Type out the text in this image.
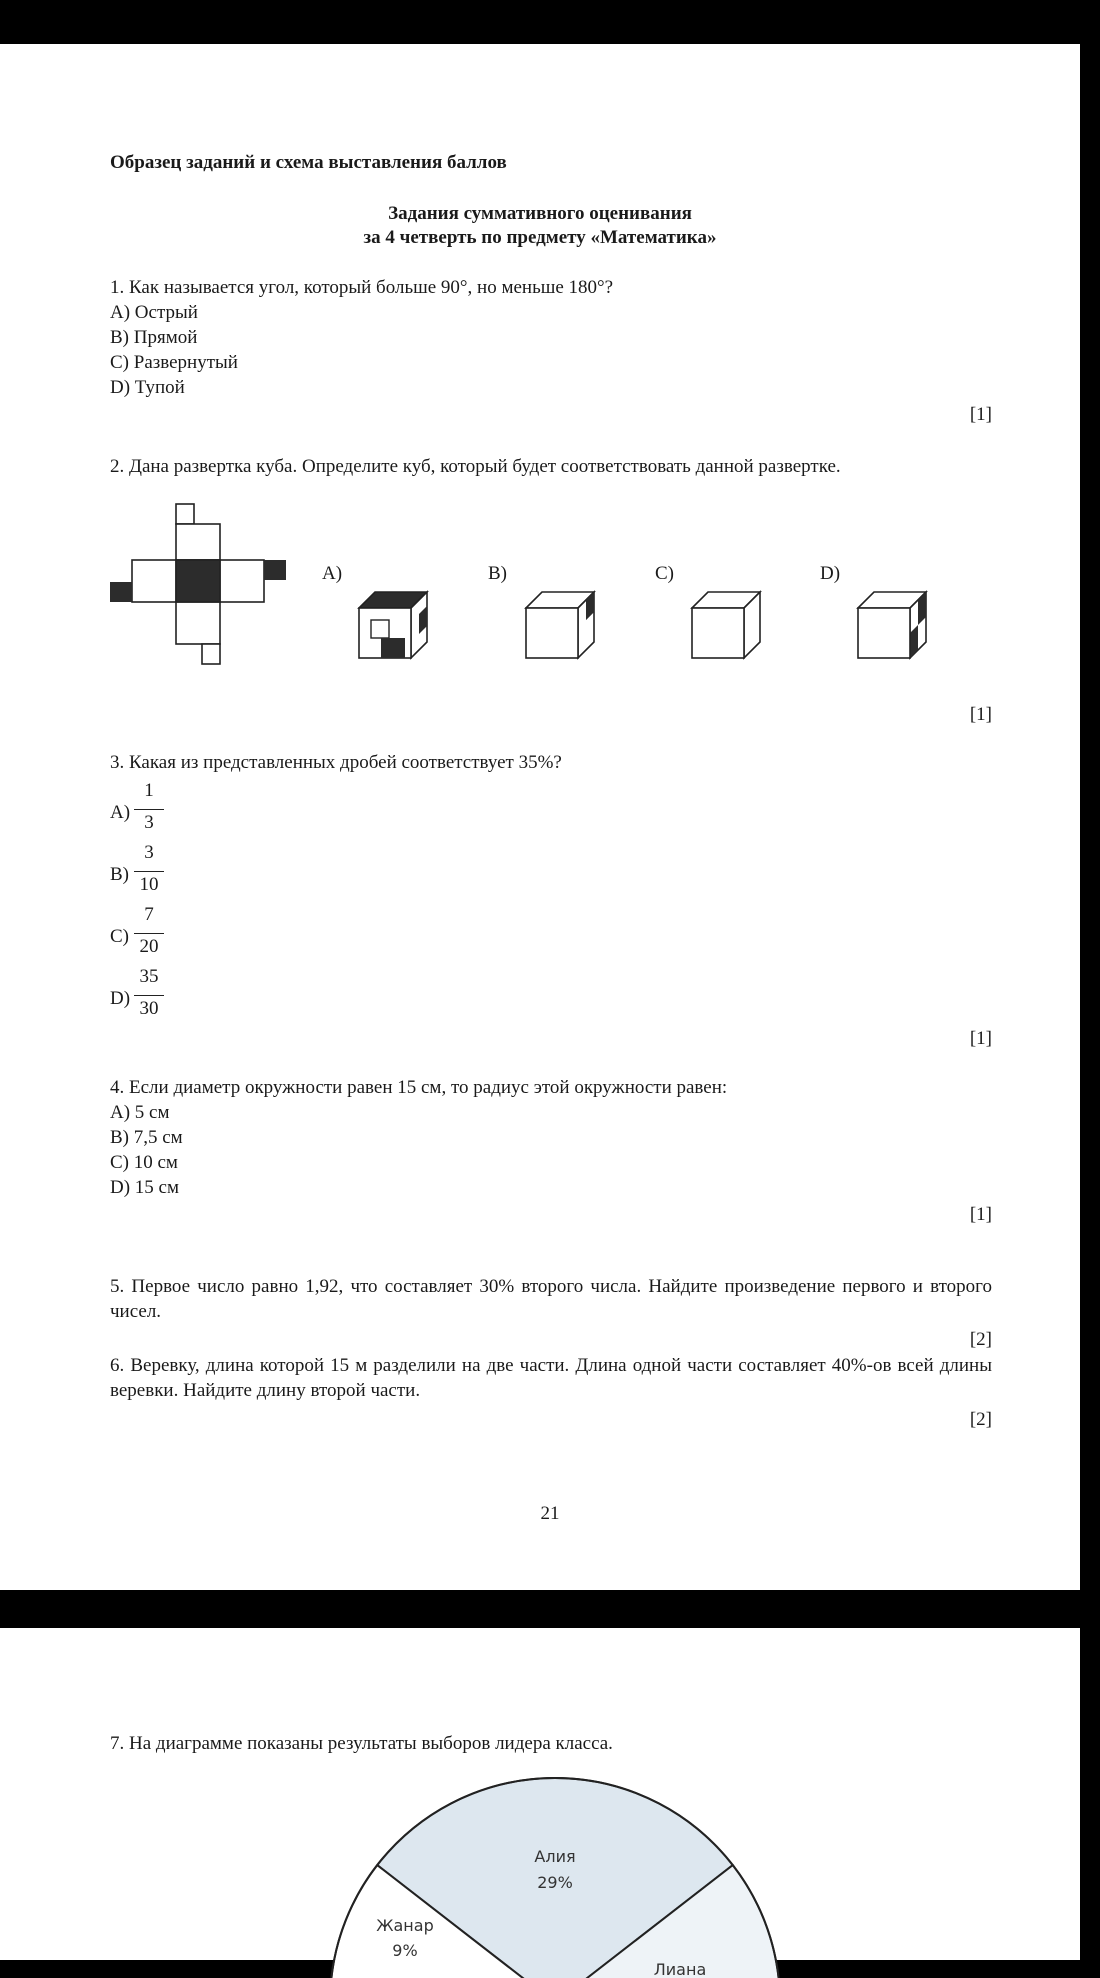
Образец заданий и схема выставления баллов

Задания суммативного оценивания

за 4 четверть по предмету «Математика»

1. Как называется угол, который больше 90°, но меньше 180°?

A) Острый

B) Прямой

C) Развернутый

D) Тупой

[1]

2. Дана развертка куба. Определите куб, который будет соответствовать данной развертке.

A)	B)	C)	D)

[1]

3. Какая из представленных дробей соответствует 35%?

A)
1
3
B)
3
10
C)
7
20
D)
35
30

[1]

4. Если диаметр окружности равен 15 см, то радиус этой окружности равен:

A) 5 см

B) 7,5 см

C) 10 см

D) 15 см

[1]

5. Первое число равно 1,92, что составляет 30% второго числа. Найдите произведение первого и второго чисел.

[2]

6. Веревку, длина которой 15 м разделили на две части. Длина одной части составляет 40%-ов всей длины веревки. Найдите длину второй части.

[2]

21

7. На диаграмме показаны результаты выборов лидера класса.

Алия
29%
Жанар
9%
Лиана
